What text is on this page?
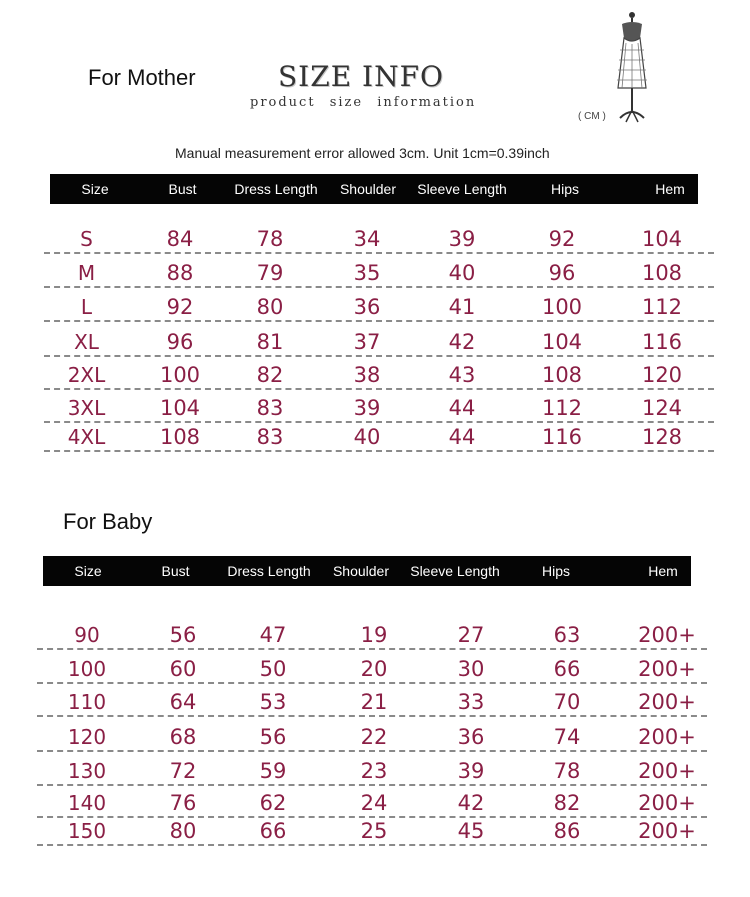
For Mother	SIZE INFO
product size information
( CM )
Manual measurement error allowed 3cm. Unit 1cm=0.39inch
Size	Bust	Dress Length	Shoulder	Sleeve Length	Hips	Hem
S	84	78	34	39	92	104
M	88	79	35	40	96	108
L	92	80	36	41	100	112
XL	96	81	37	42	104	116
2XL	100	82	38	43	108	120
3XL	104	83	39	44	112	124
4XL	108	83	40	44	116	128
For Baby
Size	Bust	Dress Length	Shoulder	Sleeve Length	Hips	Hem
90	56	47	19	27	63	200+
100	60	50	20	30	66	200+
110	64	53	21	33	70	200+
120	68	56	22	36	74	200+
130	72	59	23	39	78	200+
140	76	62	24	42	82	200+
150	80	66	25	45	86	200+
